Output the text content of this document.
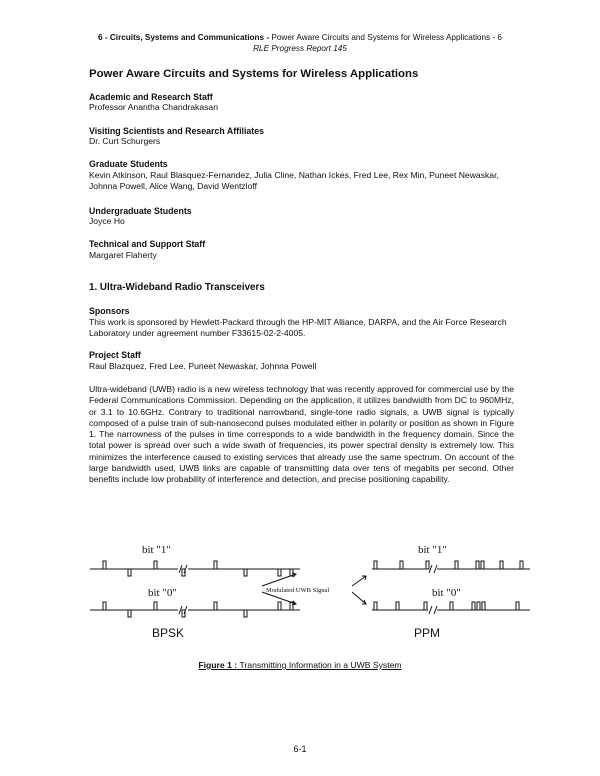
6 - Circuits, Systems and Communications - Power Aware Circuits and Systems for Wireless Applications - 6
RLE Progress Report 145
Power Aware Circuits and Systems for Wireless Applications
Academic and Research Staff
Professor Anantha Chandrakasan
Visiting Scientists and Research Affiliates
Dr. Curt Schurgers
Graduate Students
Kevin Atkinson, Raul Blasquez-Fernandez, Julia Cline, Nathan Ickes, Fred Lee, Rex Min, Puneet Newaskar, Johnna Powell, Alice Wang, David Wentzloff
Undergraduate Students
Joyce Ho
Technical and Support Staff
Margaret Flaherty
1. Ultra-Wideband Radio Transceivers
Sponsors
This work is sponsored by Hewlett-Packard through the HP-MIT Alliance, DARPA, and the Air Force Research Laboratory under agreement number F33615-02-2-4005.
Project Staff
Raul Blazquez, Fred Lee, Puneet Newaskar, Johnna Powell
Ultra-wideband (UWB) radio is a new wireless technology that was recently approved for commercial use by the Federal Communications Commission. Depending on the application, it utilizes bandwidth from DC to 960MHz, or 3.1 to 10.6GHz. Contrary to traditional narrowband, single-tone radio signals, a UWB signal is typically composed of a pulse train of sub-nanosecond pulses modulated either in polarity or position as shown in Figure 1. The narrowness of the pulses in time corresponds to a wide bandwidth in the frequency domain. Since the total power is spread over such a wide swath of frequencies, its power spectral density is extremely low. This minimizes the interference caused to existing services that already use the same spectrum. On account of the large bandwidth used, UWB links are capable of transmitting data over tens of megabits per second. Other benefits include low probability of interference and detection, and precise positioning capability.
bit "1"
bit "0"	Modulated UWB Signal
bit "1"
bit "0"
BPSK	PPM
Figure 1 : Transmitting Information in a UWB System
6-1
